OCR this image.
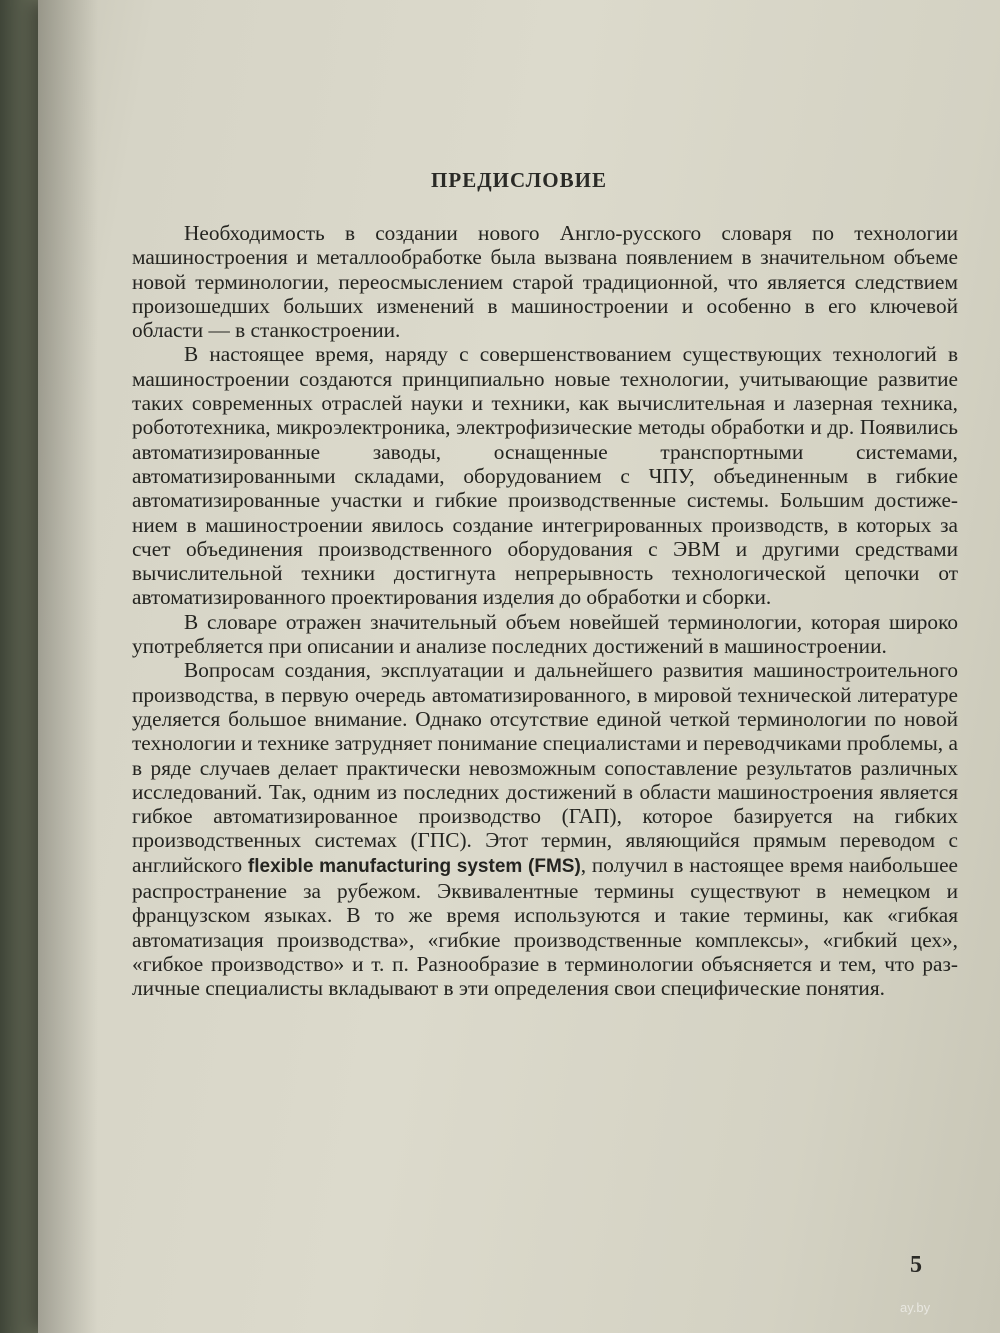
ПРЕДИСЛОВИЕ

Необходимость в создании нового Англо-русского словаря по технологии машиностроения и металлообработке была вызвана появлением в значительном объеме новой терминологии, переосмыслением старой традиционной, что является следствием произошедших больших изменений в машиностроении и особенно в его ключевой области — в станкостроении.

В настоящее время, наряду с совершенствованием существующих технологий в машиностроении создаются принципиально новые технологии, учитывающие развитие таких современных отраслей науки и техники, как вычислительная и лазерная техника, робототехника, микроэлектроника, электрофизические методы обработки и др. Появились автоматизированные заводы, оснащенные транспортными системами, автоматизированными складами, оборудованием с ЧПУ, объединенным в гибкие автоматизированные участки и гибкие производственные системы. Большим достижением в машиностроении явилось создание интегрированных производств, в которых за счет объединения производственного оборудования с ЭВМ и другими средствами вычислительной техники достигнута непрерывность технологической цепочки от автоматизированного проектирования изделия до обработки и сборки.

В словаре отражен значительный объем новейшей терминологии, которая широко употребляется при описании и анализе последних достижений в машиностроении.

Вопросам создания, эксплуатации и дальнейшего развития машиностроительного производства, в первую очередь автоматизированного, в мировой технической литературе уделяется большое внимание. Однако отсутствие единой четкой терминологии по новой технологии и технике затрудняет понимание специалистами и переводчиками проблемы, а в ряде случаев делает практически невозможным сопоставление результатов различных исследований. Так, одним из последних достижений в области машиностроения является гибкое автоматизированное производство (ГАП), которое базируется на гибких производственных системах (ГПС). Этот термин, являющийся прямым переводом с английского flexible manufacturing system (FMS), получил в настоящее время наибольшее распространение за рубежом. Эквивалентные термины существуют в немецком и французском языках. В то же время используются и такие термины, как «гибкая автоматизация производства», «гибкие производственные комплексы», «гибкий цех», «гибкое производство» и т. п. Разнообразие в терминологии объясняется и тем, что различные специалисты вкладывают в эти определения свои специфические понятия.

5
ay.by
